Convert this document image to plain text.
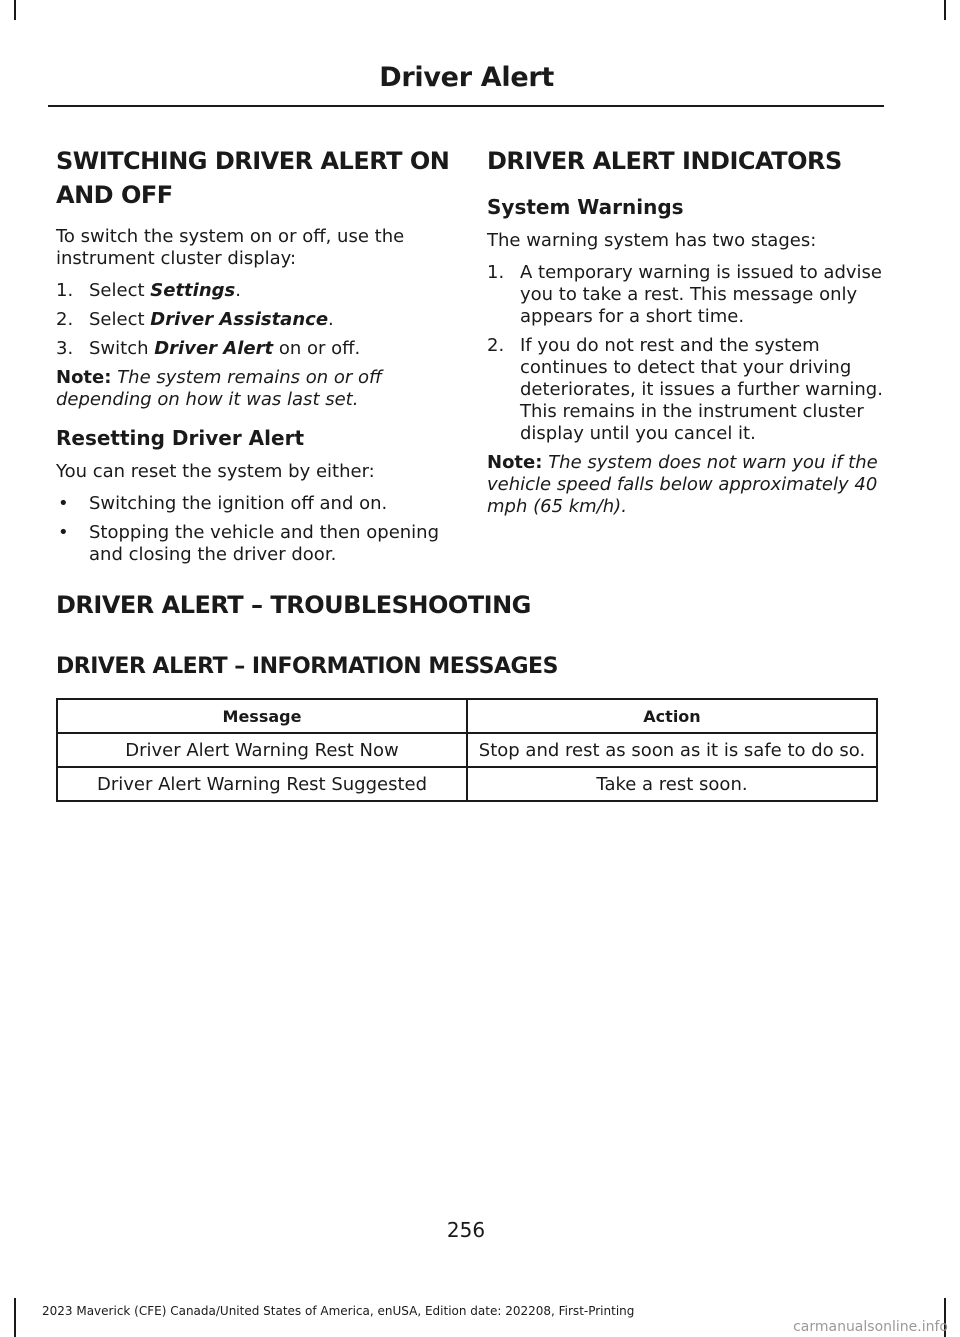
Driver Alert
SWITCHING DRIVER ALERT ON
AND OFF

To switch the system on or off, use the instrument cluster display:

1. Select Settings.
2. Select Driver Assistance.
3. Switch Driver Alert on or off.

Note: The system remains on or off depending on how it was last set.

Resetting Driver Alert

You can reset the system by either:

• Switching the ignition off and on.
• Stopping the vehicle and then opening and closing the driver door.
DRIVER ALERT INDICATORS
System Warnings

The warning system has two stages:

1. A temporary warning is issued to advise you to take a rest. This message only appears for a short time.
2. If you do not rest and the system continues to detect that your driving deteriorates, it issues a further warning. This remains in the instrument cluster display until you cancel it.

Note: The system does not warn you if the vehicle speed falls below approximately 40 mph (65 km/h).

DRIVER ALERT – TROUBLESHOOTING
DRIVER ALERT – INFORMATION MESSAGES
Message	Action
Driver Alert Warning Rest Now	Stop and rest as soon as it is safe to do so.
Driver Alert Warning Rest Suggested	Take a rest soon.
256
2023 Maverick (CFE) Canada/United States of America, enUSA, Edition date: 202208, First-Printing
carmanualsonline.info
